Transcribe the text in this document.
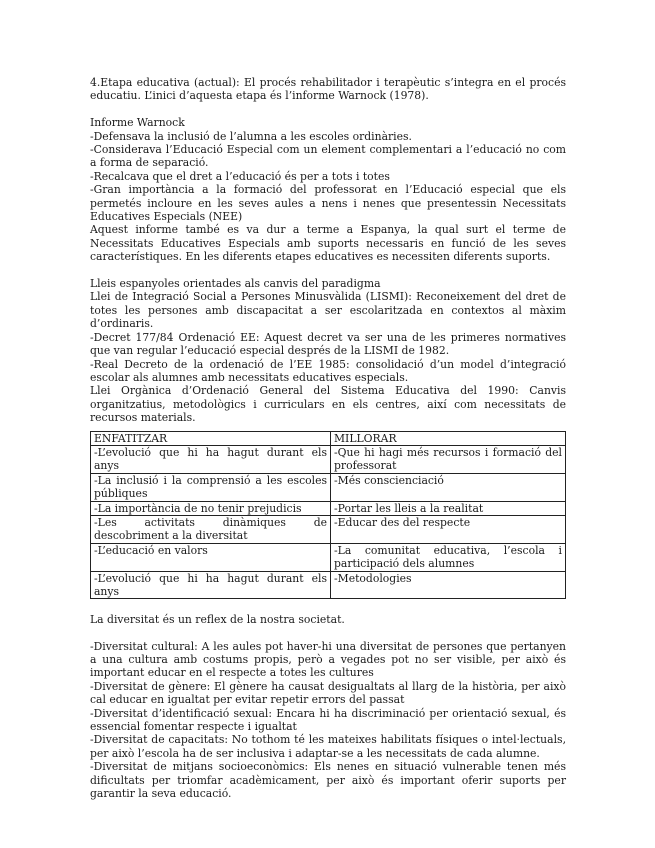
4.Etapa educativa (actual): El procés rehabilitador i terapèutic s’integra en el procés educatiu. L’inici d’aquesta etapa és l’informe Warnock (1978).

Informe Warnock

-Defensava la inclusió de l’alumna a les escoles ordinàries.

-Considerava l’Educació Especial com un element complementari a l’educació no com a forma de separació.

-Recalcava que el dret a l’educació és per a tots i totes

-Gran importància a la formació del professorat en l’Educació especial que els permetés incloure en les seves aules a nens i nenes que presentessin Necessitats Educatives Especials (NEE)

Aquest informe també es va dur a terme a Espanya, la qual surt el terme de Necessitats Educatives Especials amb suports necessaris en funció de les seves característiques. En les diferents etapes educatives es necessiten diferents suports.

Lleis espanyoles orientades als canvis del paradigma

Llei de Integració Social a Persones Minusvàlida (LISMI): Reconeixement del dret de totes les persones amb discapacitat a ser escolaritzada en contextos al màxim d’ordinaris.

-Decret 177/84 Ordenació EE: Aquest decret va ser una de les primeres normatives que van regular l’educació especial després de la LISMI de 1982.

-Real Decreto de la ordenació de l’EE 1985: consolidació d’un model d’integració escolar als alumnes amb necessitats educatives especials.

Llei Orgànica d’Ordenació General del Sistema Educativa del 1990: Canvis organitzatius, metodològics i curriculars en els centres, així com necessitats de recursos materials.

ENFATITZAR	MILLORAR
-L’evolució que hi ha hagut durant els anys	-Que hi hagi més recursos i formació del professorat
-La inclusió i la comprensió a les escoles públiques	-Més conscienciació
-La importància de no tenir prejudicis	-Portar les lleis a la realitat
-Les activitats dinàmiques de descobriment a la diversitat	-Educar des del respecte
-L’educació en valors	-La comunitat educativa, l’escola i participació dels alumnes
-L’evolució que hi ha hagut durant els anys	-Metodologies

La diversitat és un reflex de la nostra societat.

-Diversitat cultural: A les aules pot haver-hi una diversitat de persones que pertanyen a una cultura amb costums propis, però a vegades pot no ser visible, per això és important educar en el respecte a totes les cultures

-Diversitat de gènere: El gènere ha causat desigualtats al llarg de la història, per això cal educar en igualtat per evitar repetir errors del passat

-Diversitat d’identificació sexual: Encara hi ha discriminació per orientació sexual, és essencial fomentar respecte i igualtat

-Diversitat de capacitats: No tothom té les mateixes habilitats físiques o intel·lectuals, per això l’escola ha de ser inclusiva i adaptar-se a les necessitats de cada alumne.

-Diversitat de mitjans socioeconòmics: Els nenes en situació vulnerable tenen més dificultats per triomfar acadèmicament, per això és important oferir suports per garantir la seva educació.
